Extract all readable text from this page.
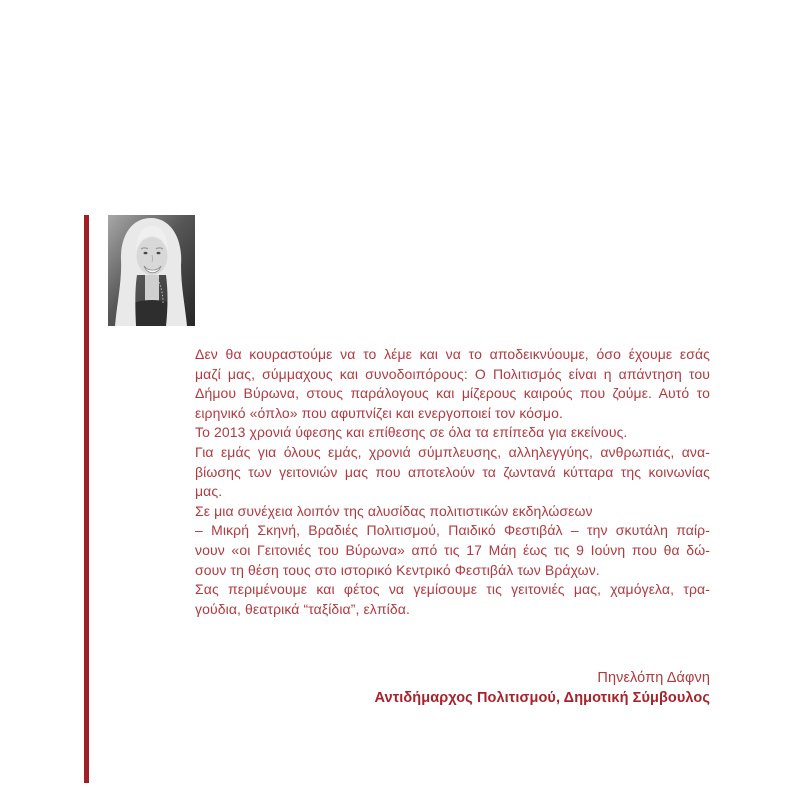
Δεν θα κουραστούμε να το λέμε και να το αποδεικνύουμε, όσο έχουμε εσάς
μαζί μας, σύμμαχους και συνοδοιπόρους: Ο Πολιτισμός είναι η απάντηση του
Δήμου Βύρωνα, στους παράλογους και μίζερους καιρούς που ζούμε. Αυτό το
ειρηνικό «όπλο» που αφυπνίζει και ενεργοποιεί τον κόσμο.
Το 2013 χρονιά ύφεσης και επίθεσης σε όλα τα επίπεδα για εκείνους.
Για εμάς για όλους εμάς, χρονιά σύμπλευσης, αλληλεγγύης, ανθρωπιάς, ανα-
βίωσης των γειτονιών μας που αποτελούν τα ζωντανά κύτταρα της κοινωνίας
μας.
Σε μια συνέχεια λοιπόν της αλυσίδας πολιτιστικών εκδηλώσεων
– Μικρή Σκηνή, Βραδιές Πολιτισμού, Παιδικό Φεστιβάλ – την σκυτάλη παίρ-
νουν «οι Γειτονιές του Βύρωνα» από τις 17 Μάη έως τις 9 Ιούνη που θα δώ-
σουν τη θέση τους στο ιστορικό Κεντρικό Φεστιβάλ των Βράχων.
Σας περιμένουμε και φέτος να γεμίσουμε τις γειτονιές μας, χαμόγελα, τρα-
γούδια, θεατρικά “ταξίδια”, ελπίδα.
Πηνελόπη Δάφνη
Αντιδήμαρχος Πολιτισμού, Δημοτική Σύμβουλος
